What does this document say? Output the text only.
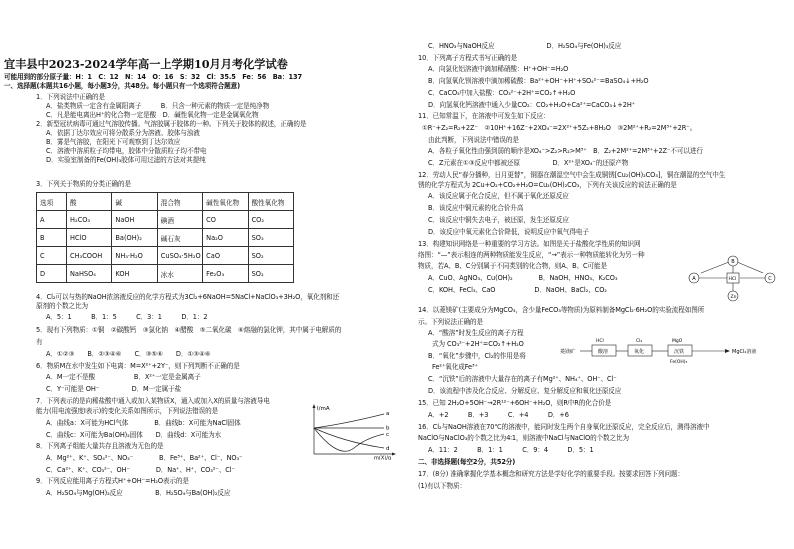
宜丰县中2023-2024学年高一上学期10月月考化学试卷
可能用到的部分原子量：H：1　C：12　N：14　O：16　S：32　Cl：35.5　Fe：56　Ba：137
一、选择题(本题共16小题，每小题3分，共48分。每小题只有一个选项符合题意)
1．下列说法中正确的是
A．盐类物质一定含有金属阳离子　　　B．只含一种元素的物质一定是纯净物
C．凡是能电离出H⁺的化合物一定是酸　D．碱性氧化物一定是金属氧化物
2．新型冠状病毒可通过气溶胶传播。气溶胶属于胶体的一种。下列关于胶体的叙述，正确的是
A．依据丁达尔效应可将分散系分为溶液、胶体与浊液
B．雾是气溶胶，在阳光下可观察到丁达尔效应
C．溶液中溶质粒子均带电，胶体中分散质粒子均不带电
D．实验室制备的Fe(OH)₃胶体可用过滤的方法对其提纯
3．下列关于物质的分类正确的是
选项	酸	碱	混合物	碱性氧化物	酸性氧化物
A	H₂CO₃	NaOH	碘酒	CO	CO₂
B	HClO	Ba(OH)₂	碱石灰	Na₂O	SO₃
C	CH₃COOH	NH₃·H₂O	CuSO₄·5H₂O	CaO	SO₂
D	NaHSO₄	KOH	冰水	Fe₂O₃	SO₂
4．Cl₂可以与热的NaOH浓溶液反应的化学方程式为3Cl₂+6NaOH=5NaCl+NaClO₃+3H₂O，氧化剂和还
原剂的个数之比为
A．5：1　　　B．1：5　　　C．3：1　　　D．1：2
5．现有下列物质：①铜　②碳酸钙　③氯化钠　④醋酸　⑤二氧化碳　⑥熔融的氯化钾，其中属于电解质的
有
A．①②③　　B．②③④⑥　　C．③⑤⑥　　D．①③④⑥
6．物质M在水中发生如下电离：M=X²⁺+2Y⁻，则下列判断不正确的是
A．M一定不是酸　　　　　　B．X²⁺一定是金属离子
C．Y⁻可能是 OH⁻　　　　　D．M一定属于盐
7．下列表示的是向稀盐酸中通入或加入某物质X，通入或加入X的质量与溶液导电
能力(用电流强度I表示)的变化关系如图所示，下列说法错误的是
A．曲线a：X可能为HCl气体　　　　B．曲线b：X可能为NaCl固体
C．曲线c：X可能为Ba(OH)₂固体　　D．曲线d：X可能为水
8．下列离子组能大量共存且溶液为无色的是
A．Mg²⁺、K⁺、SO₄²⁻、NO₃⁻　　　　B．Fe³⁺、Ba²⁺、Cl⁻、NO₃⁻
C．Ca²⁺、K⁺、CO₃²⁻、OH⁻　　　　D．Na⁺、H⁺、CO₃²⁻、Cl⁻
9．下列反应能用离子方程式H⁺+OH⁻=H₂O表示的是
A．H₂SO₄与Mg(OH)₂反应　　　　　B．H₂SO₄与Ba(OH)₂反应
I/mA
m(X)/g
a
b
c
d
C．HNO₃与NaOH反应　　　　　　　　D．H₂SO₄与Fe(OH)₃反应
10．下列离子方程式书写正确的是
A．向氯化铝溶液中滴加稀硝酸：H⁺+OH⁻=H₂O
B．向氢氧化钡溶液中滴加稀硫酸：Ba²⁺+OH⁻+H⁺+SO₄²⁻=BaSO₄↓+H₂O
C．CaCO₃中加入盐酸：CO₃²⁻+2H⁺=CO₂↑+H₂O
D．向氢氧化钙溶液中通入少量CO₂：CO₂+H₂O+Ca²⁺=CaCO₃↓+2H⁺
11．已知常温下，在溶液中可发生如下反应：
①R⁻+Z₂=R₂+2Z⁻　②10H⁺+16Z⁻+2XO₄⁻=2X²⁺+5Z₂+8H₂O　③2M²⁺+R₂=2M³⁺+2R⁻。
由此判断，下列说法中错误的是
A．各粒子氧化性由强到弱的顺序是XO₄⁻>Z₂>R₂>M³⁺　B．Z₂+2M²⁺=2M³⁺+2Z⁻不可以进行
C．Z元素在①③反应中都被还原　　　　　D．X²⁺是XO₄⁻的还原产物
12．劳动人民“春分播种，日月更替”，铜器在潮湿空气中会生成铜锈[Cu₂(OH)₂CO₃]，铜在潮湿的空气中生
锈的化学方程式为 2Cu+O₂+CO₂+H₂O=Cu₂(OH)₂CO₃，下列有关该反应的说法正确的是
A．该反应属于化合反应，但不属于氧化还原反应
B．该反应中铜元素的化合价升高
C．该反应中铜失去电子，被还原，发生还原反应
D．该反应中氧元素化合价降低，说明反应中氧气得电子
13．构建知识网络是一种重要的学习方法。如图是关于盐酸化学性质的知识网
络图：“—”表示相连的两种物质能发生反应，“→”表示一种物质能转化为另一种
物质，若A、B、C分别属于不同类别的化合物，则A、B、C可能是
A．CuO、AgNO₃、Cu(OH)₂　　　　B．NaOH、HNO₃、K₂CO₃
C．KOH、FeCl₃、CaO　　　　　　D．NaOH、BaCl₂、CO₂
14．以菱镁矿(主要成分为MgCO₃，含少量FeCO₃等物质)为原料制备MgCl₂·6H₂O的实验流程如图所
示。下列说法正确的是
A．“酸溶”时发生反应的离子方程
式为 CO₃²⁻+2H⁺=CO₂↑+H₂O
B．“氧化”步骤中，Cl₂的作用是将
Fe²⁺氧化成Fe³⁺
C．“沉铁”后的溶液中大量存在的离子有Mg²⁺、NH₄⁺、OH⁻、Cl⁻
D．该流程中涉及化合反应、分解反应、复分解反应和氧化还原反应
15．已知 2H₂O+5OH⁻→2R¹²⁻+6OH⁻+H₂O，则R中R的化合价是
A．+2　　　B．+3　　　C．+4　　　D．+6
16．Cl₂与NaOH溶液在70℃的溶液中，能同时发生两个自身氧化还原反应，完全反应后，测得溶液中
NaClO与NaClO₃的个数之比为4∶1，则溶液中NaCl与NaClO的个数之比为
A．11：2　　　B．1：1　　　C．9：4　　　D．5：1
二、非选择题(每空2分，共52分)
17．(8分) 准确掌握化学基本概念和研究方法是学好化学的重要手段。按要求回答下列问题：
(1)有以下物质：
A
B
HCl	C
Zn
菱镁矿	酸溶
HCl
氧化
Cl₂
沉铁
MgO
Fe(OH)₃
MgCl₂溶液
